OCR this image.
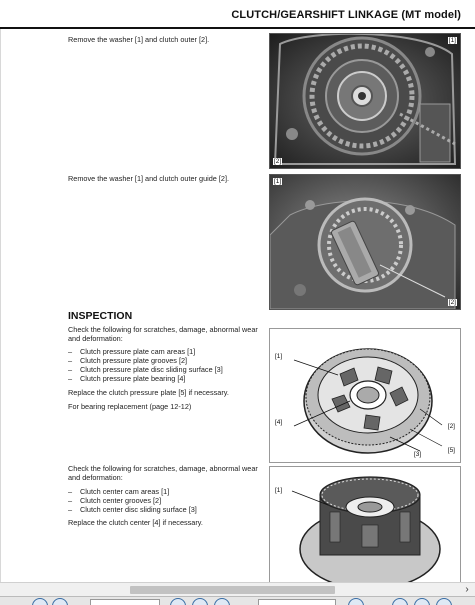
CLUTCH/GEARSHIFT LINKAGE (MT model)
Remove the washer [1] and clutch outer [2].	[1]
[2]
Remove the washer [1] and clutch outer guide [2].	[1]
[2]
INSPECTION
Check the following for scratches, damage, abnormal wear and deformation:
– Clutch pressure plate cam areas [1]
– Clutch pressure plate grooves [2]
– Clutch pressure plate disc sliding surface [3]
– Clutch pressure plate bearing [4]
Replace the clutch pressure plate [5] if necessary.
For bearing replacement (page 12-12)
[1]
[4]
[2]
[5]
[3]
Check the following for scratches, damage, abnormal wear and deformation:
– Clutch center cam areas [1]
– Clutch center grooves [2]
– Clutch center disc sliding surface [3]
Replace the clutch center [4] if necessary.
[1]
›
